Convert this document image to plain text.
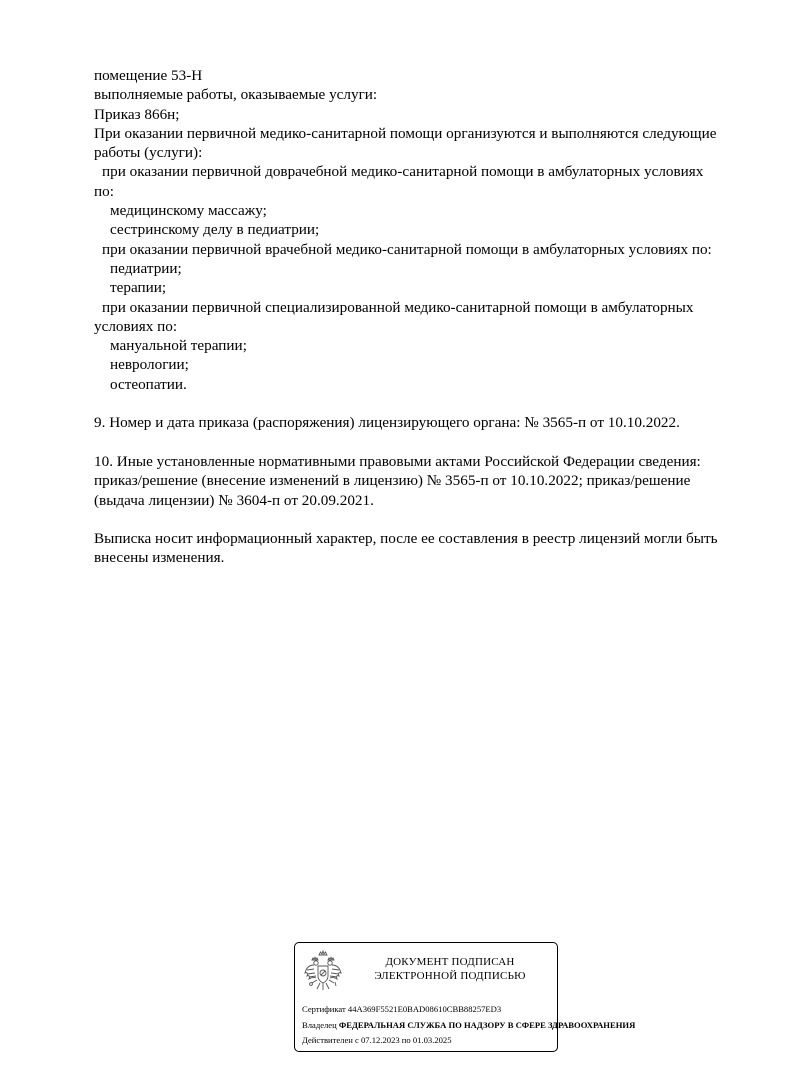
помещение 53-Н
выполняемые работы, оказываемые услуги:
Приказ 866н;
При оказании первичной медико-санитарной помощи организуются и выполняются следующие
работы (услуги):
при оказании первичной доврачебной медико-санитарной помощи в амбулаторных условиях
по:
медицинскому массажу;
сестринскому делу в педиатрии;
при оказании первичной врачебной медико-санитарной помощи в амбулаторных условиях по:
педиатрии;
терапии;
при оказании первичной специализированной медико-санитарной помощи в амбулаторных
условиях по:
мануальной терапии;
неврологии;
остеопатии.
9. Номер и дата приказа (распоряжения) лицензирующего органа: № 3565-п от 10.10.2022.
10. Иные установленные нормативными правовыми актами Российской Федерации сведения:
приказ/решение (внесение изменений в лицензию) № 3565-п от 10.10.2022; приказ/решение
(выдача лицензии) № 3604-п от 20.09.2021.
Выписка носит информационный характер, после ее составления в реестр лицензий могли быть
внесены изменения.
ДОКУМЕНТ ПОДПИСАН
ЭЛЕКТРОННОЙ ПОДПИСЬЮ
Сертификат 44A369F5521E0BAD08610CBB88257ED3
Владелец ФЕДЕРАЛЬНАЯ СЛУЖБА ПО НАДЗОРУ В СФЕРЕ ЗДРАВООХРАНЕНИЯ
Действителен с 07.12.2023 по 01.03.2025
